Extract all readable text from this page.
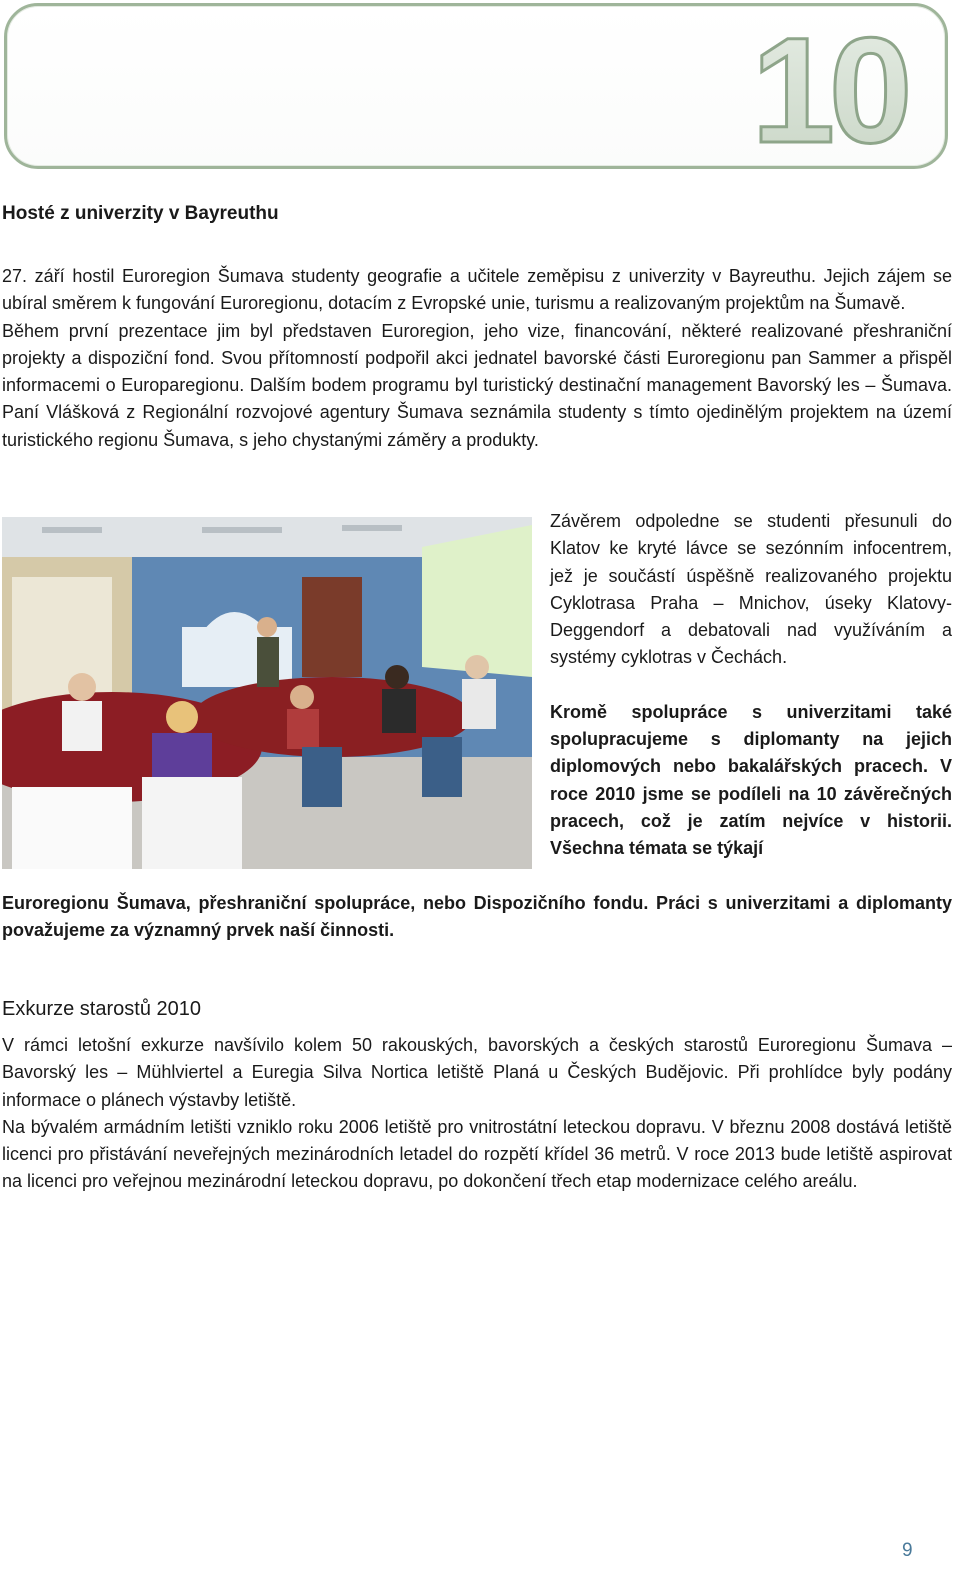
10
Hosté z univerzity v Bayreuthu

27. září hostil Euroregion Šumava studenty geografie a učitele zeměpisu z univerzity v Bayreuthu. Jejich zájem se ubíral směrem k fungování Euroregionu, dotacím z Evropské unie, turismu a realizovaným projektům na Šumavě.

Během první prezentace jim byl představen Euroregion, jeho vize, financování, některé realizované přeshraniční projekty a dispoziční fond. Svou přítomností podpořil akci jednatel bavorské části Euroregionu pan Sammer a přispěl informacemi o Europaregionu. Dalším bodem programu byl turistický destinační management Bavorský les – Šumava. Paní Vlášková z Regionální rozvojové agentury Šumava seznámila studenty s tímto ojedinělým projektem na území turistického regionu Šumava, s jeho chystanými záměry a produkty.

Závěrem odpoledne se studenti přesunuli do Klatov ke kryté lávce se sezónním infocentrem, jež je součástí úspěšně realizovaného projektu Cyklotrasa Praha – Mnichov, úseky Klatovy-Deggendorf a debatovali nad využíváním a systémy cyklotras v Čechách.

Kromě spolupráce s univerzitami také spolupracujeme s diplomanty na jejich diplomových nebo bakalářských pracech. V roce 2010 jsme se podíleli na 10 závěrečných pracech, což je zatím nejvíce v historii. Všechna témata se týkají

Euroregionu Šumava, přeshraniční spolupráce, nebo Dispozičního fondu. Práci s univerzitami a diplomanty považujeme za významný prvek naší činnosti.

Exkurze starostů 2010

V rámci letošní exkurze navšívilo kolem 50 rakouských, bavorských a českých starostů Euroregionu Šumava – Bavorský les – Mühlviertel a Euregia Silva Nortica letiště Planá u Českých Budějovic. Při prohlídce byly podány informace o plánech výstavby letiště.

Na bývalém armádním letišti vzniklo roku 2006 letiště pro vnitrostátní leteckou dopravu. V březnu 2008 dostává letiště licenci pro přistávání neveřejných mezinárodních letadel do rozpětí křídel 36 metrů. V roce 2013 bude letiště aspirovat na licenci pro veřejnou mezinárodní leteckou dopravu, po dokončení třech etap modernizace celého areálu.

9
